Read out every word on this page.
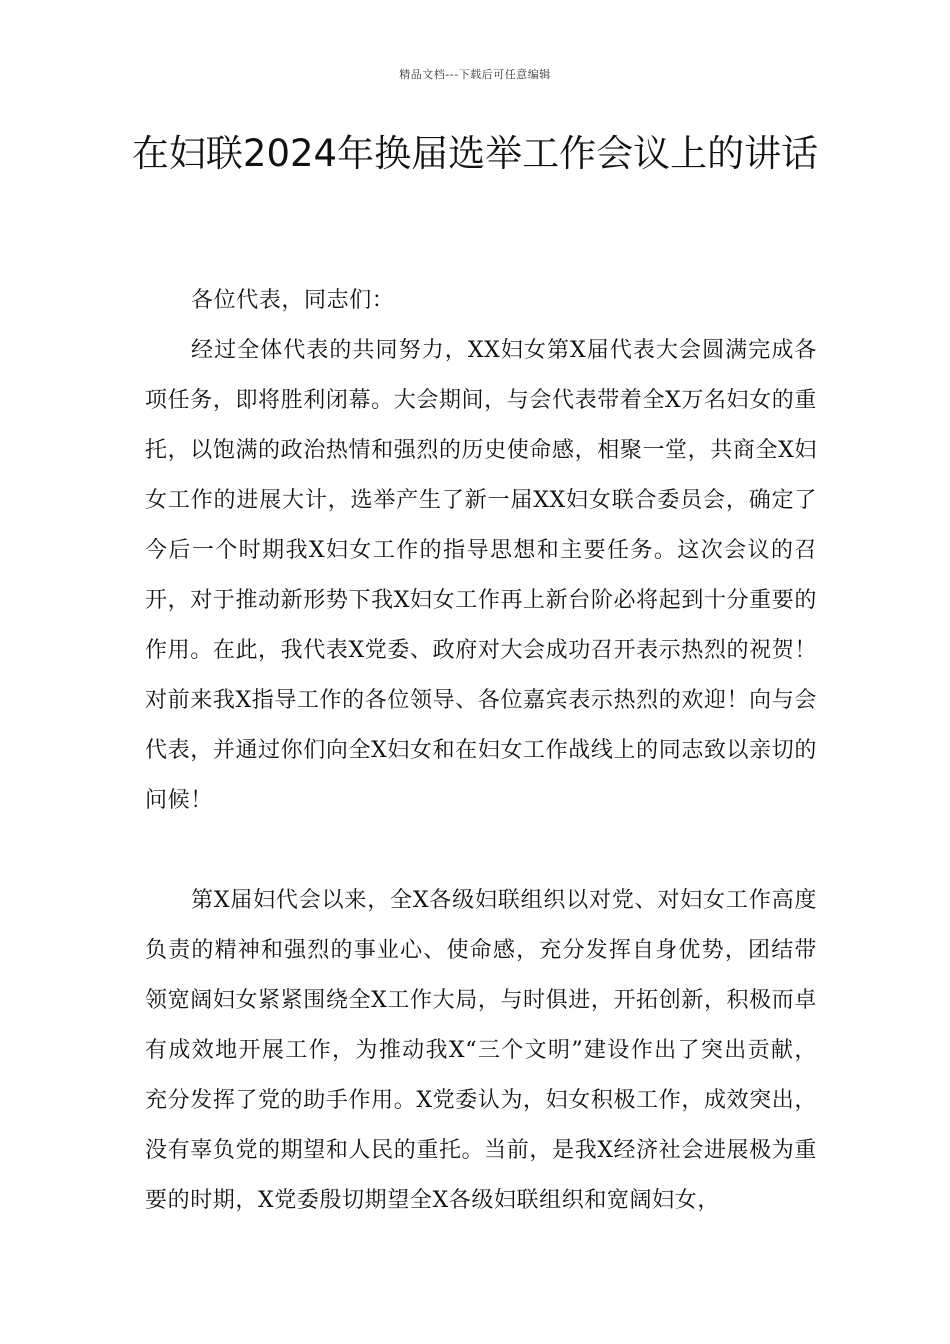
精品文档---下载后可任意编辑
在妇联2024年换届选举工作会议上的讲话

各位代表，同志们：

经过全体代表的共同努力，XX妇女第X届代表大会圆满完成各项任务，即将胜利闭幕。大会期间，与会代表带着全X万名妇女的重托，以饱满的政治热情和强烈的历史使命感，相聚一堂，共商全X妇女工作的进展大计，选举产生了新一届XX妇女联合委员会，确定了今后一个时期我X妇女工作的指导思想和主要任务。这次会议的召开，对于推动新形势下我X妇女工作再上新台阶必将起到十分重要的作用。在此，我代表X党委、政府对大会成功召开表示热烈的祝贺！对前来我X指导工作的各位领导、各位嘉宾表示热烈的欢迎！向与会代表，并通过你们向全X妇女和在妇女工作战线上的同志致以亲切的问候！

第X届妇代会以来，全X各级妇联组织以对党、对妇女工作高度负责的精神和强烈的事业心、使命感，充分发挥自身优势，团结带领宽阔妇女紧紧围绕全X工作大局，与时俱进，开拓创新，积极而卓有成效地开展工作，为推动我X“三个文明”建设作出了突出贡献，充分发挥了党的助手作用。X党委认为，妇女积极工作，成效突出，没有辜负党的期望和人民的重托。当前，是我X经济社会进展极为重要的时期，X党委殷切期望全X各级妇联组织和宽阔妇女，
